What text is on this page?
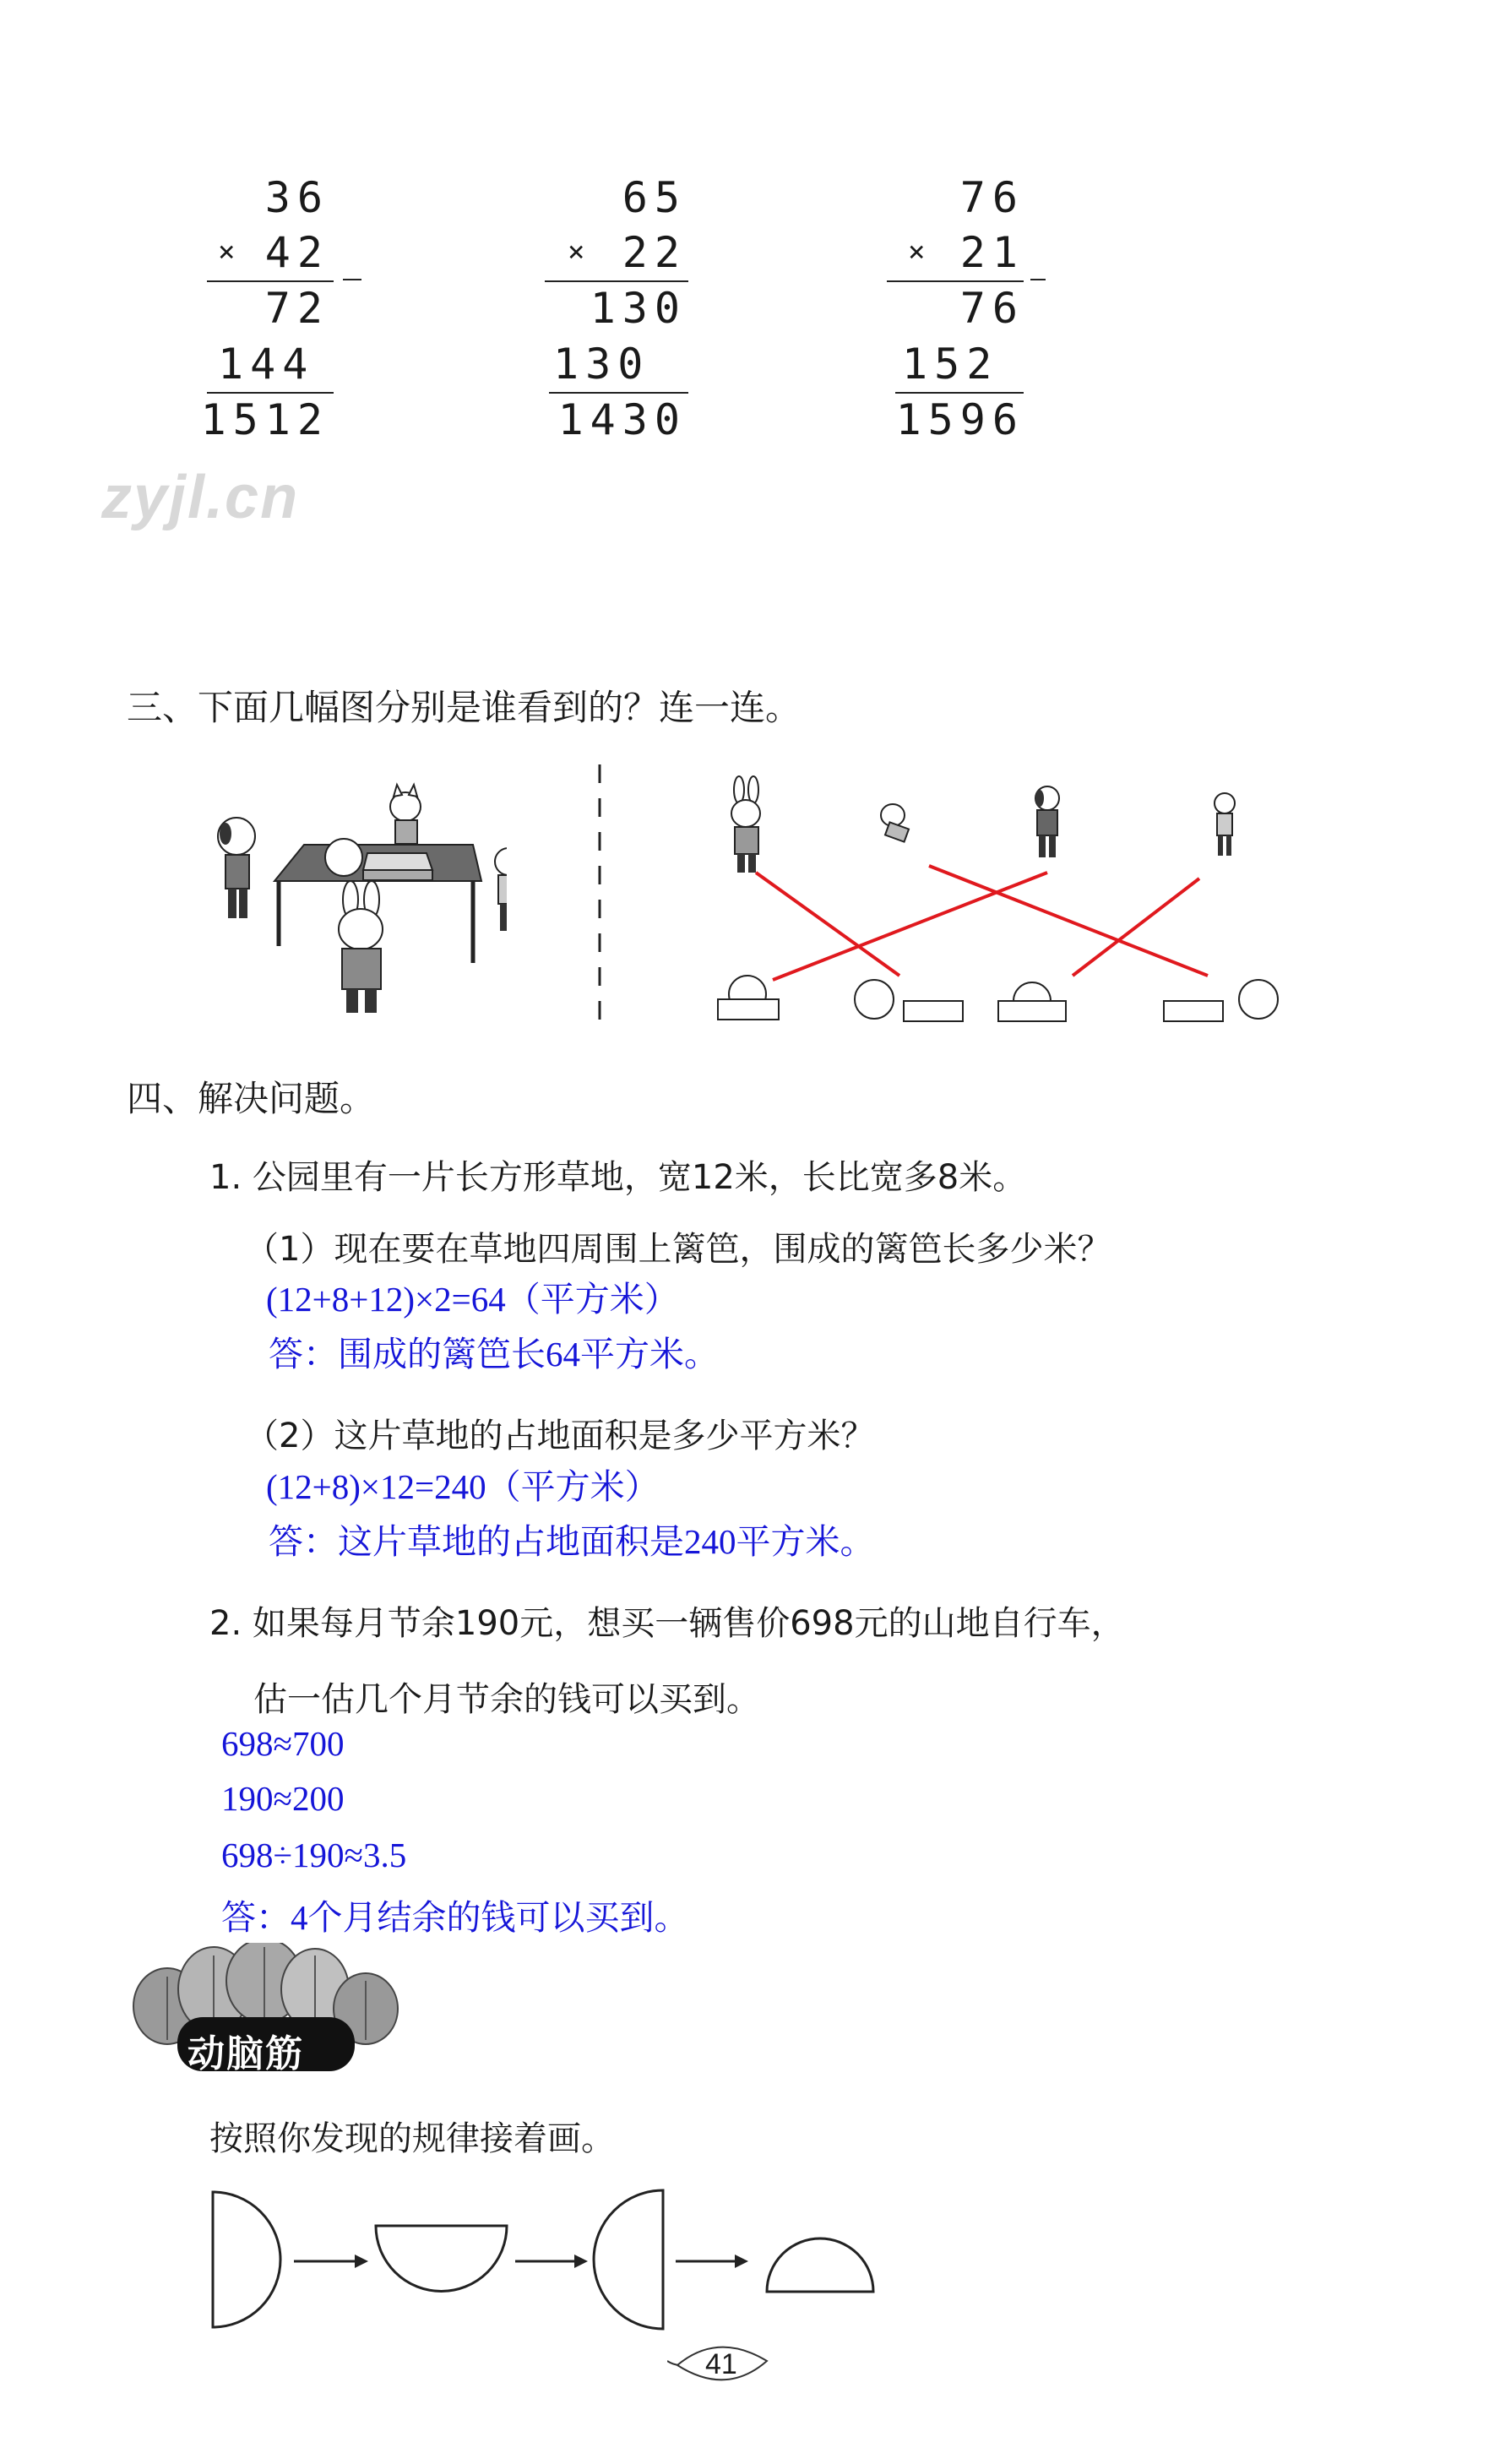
36
× 42
72
144
1512
65
× 22
130
130
1430
76
× 21
76
152
1596
zyjl.cn
三、下面几幅图分别是谁看到的？连一连。
四、解决问题。
1. 公园里有一片长方形草地，宽12米，长比宽多8米。
（1）现在要在草地四周围上篱笆，围成的篱笆长多少米？
(12+8+12)×2=64（平方米）
答：围成的篱笆长64平方米。
（2）这片草地的占地面积是多少平方米？
(12+8)×12=240（平方米）
答：这片草地的占地面积是240平方米。
2. 如果每月节余190元，想买一辆售价698元的山地自行车，
估一估几个月节余的钱可以买到。
698≈700
190≈200
698÷190≈3.5
答：4个月结余的钱可以买到。
动脑筋
按照你发现的规律接着画。
41
